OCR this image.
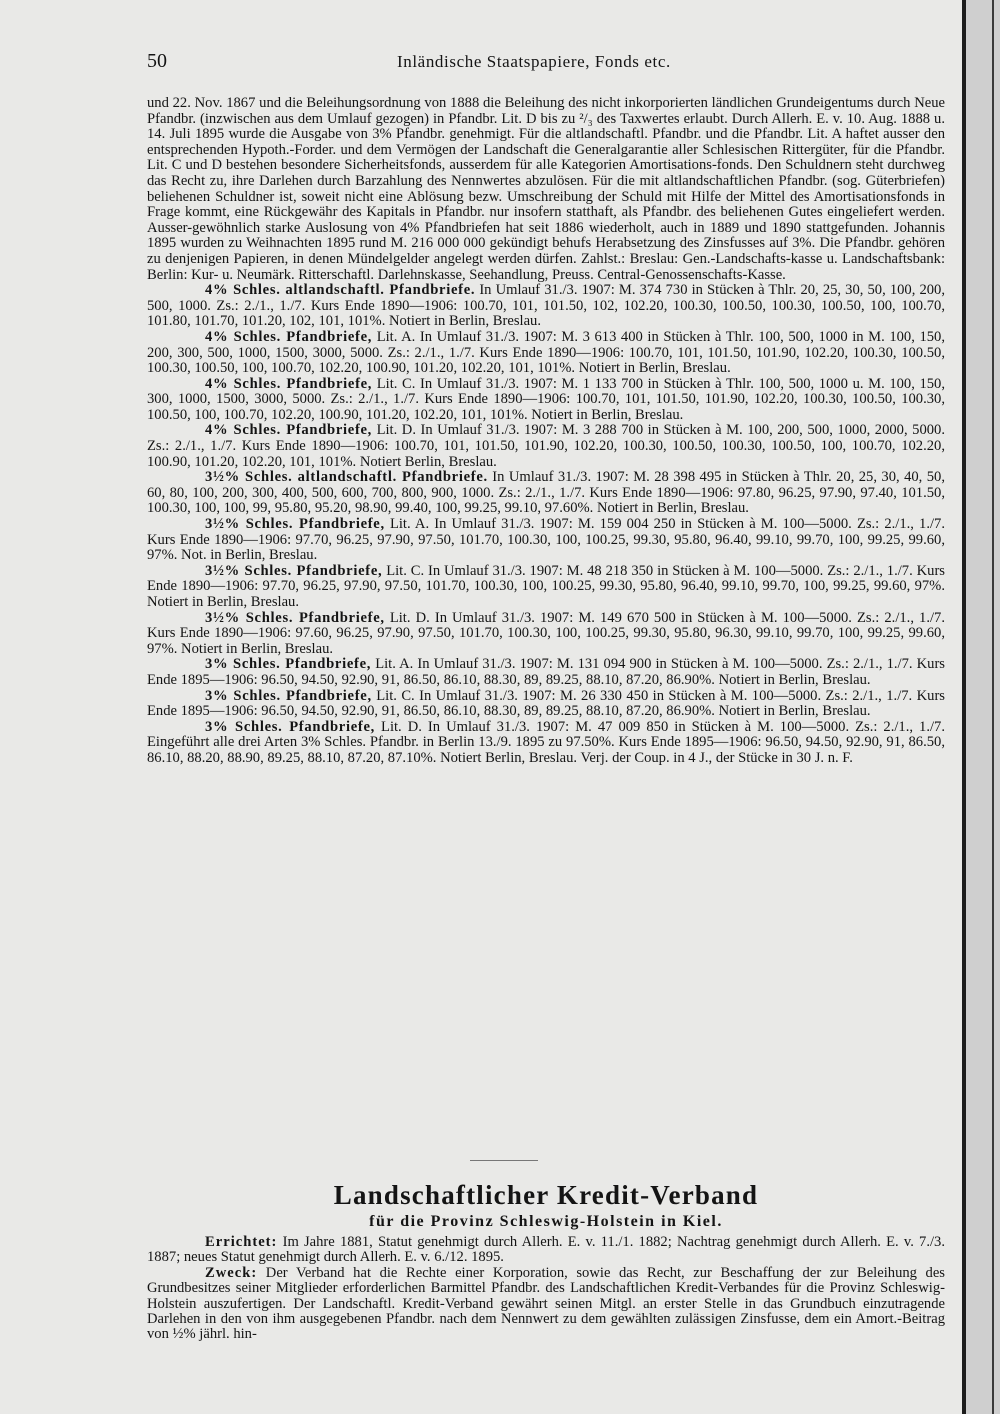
50	Inländische Staatspapiere, Fonds etc.

und 22. Nov. 1867 und die Beleihungsordnung von 1888 die Beleihung des nicht inkorporierten ländlichen Grundeigentums durch Neue Pfandbr. (inzwischen aus dem Umlauf gezogen) in Pfandbr. Lit. D bis zu ²/₃ des Taxwertes erlaubt. Durch Allerh. E. v. 10. Aug. 1888 u. 14. Juli 1895 wurde die Ausgabe von 3% Pfandbr. genehmigt. Für die altlandschaftl. Pfandbr. und die Pfandbr. Lit. A haftet ausser den entsprechenden Hypoth.-Forder. und dem Vermögen der Landschaft die Generalgarantie aller Schlesischen Rittergüter, für die Pfandbr. Lit. C und D bestehen besondere Sicherheitsfonds, ausserdem für alle Kategorien Amortisations-fonds. Den Schuldnern steht durchweg das Recht zu, ihre Darlehen durch Barzahlung des Nennwertes abzulösen. Für die mit altlandschaftlichen Pfandbr. (sog. Güterbriefen) beliehenen Schuldner ist, soweit nicht eine Ablösung bezw. Umschreibung der Schuld mit Hilfe der Mittel des Amortisationsfonds in Frage kommt, eine Rückgewähr des Kapitals in Pfandbr. nur insofern statthaft, als Pfandbr. des beliehenen Gutes eingeliefert werden. Ausser-gewöhnlich starke Auslosung von 4% Pfandbriefen hat seit 1886 wiederholt, auch in 1889 und 1890 stattgefunden. Johannis 1895 wurden zu Weihnachten 1895 rund M. 216 000 000 gekündigt behufs Herabsetzung des Zinsfusses auf 3%. Die Pfandbr. gehören zu denjenigen Papieren, in denen Mündelgelder angelegt werden dürfen. Zahlst.: Breslau: Gen.-Landschafts-kasse u. Landschaftsbank: Berlin: Kur- u. Neumärk. Ritterschaftl. Darlehnskasse, Seehandlung, Preuss. Central-Genossenschafts-Kasse.

4% Schles. altlandschaftl. Pfandbriefe. In Umlauf 31./3. 1907: M. 374 730 in Stücken à Thlr. 20, 25, 30, 50, 100, 200, 500, 1000. Zs.: 2./1., 1./7. Kurs Ende 1890—1906: 100.70, 101, 101.50, 102, 102.20, 100.30, 100.50, 100.30, 100.50, 100, 100.70, 101.80, 101.70, 101.20, 102, 101, 101%. Notiert in Berlin, Breslau.

4% Schles. Pfandbriefe, Lit. A. In Umlauf 31./3. 1907: M. 3 613 400 in Stücken à Thlr. 100, 500, 1000 in M. 100, 150, 200, 300, 500, 1000, 1500, 3000, 5000. Zs.: 2./1., 1./7. Kurs Ende 1890—1906: 100.70, 101, 101.50, 101.90, 102.20, 100.30, 100.50, 100.30, 100.50, 100, 100.70, 102.20, 100.90, 101.20, 102.20, 101, 101%. Notiert in Berlin, Breslau.

4% Schles. Pfandbriefe, Lit. C. In Umlauf 31./3. 1907: M. 1 133 700 in Stücken à Thlr. 100, 500, 1000 u. M. 100, 150, 300, 1000, 1500, 3000, 5000. Zs.: 2./1., 1./7. Kurs Ende 1890—1906: 100.70, 101, 101.50, 101.90, 102.20, 100.30, 100.50, 100.30, 100.50, 100, 100.70, 102.20, 100.90, 101.20, 102.20, 101, 101%. Notiert in Berlin, Breslau.

4% Schles. Pfandbriefe, Lit. D. In Umlauf 31./3. 1907: M. 3 288 700 in Stücken à M. 100, 200, 500, 1000, 2000, 5000. Zs.: 2./1., 1./7. Kurs Ende 1890—1906: 100.70, 101, 101.50, 101.90, 102.20, 100.30, 100.50, 100.30, 100.50, 100, 100.70, 102.20, 100.90, 101.20, 102.20, 101, 101%. Notiert Berlin, Breslau.

3½% Schles. altlandschaftl. Pfandbriefe. In Umlauf 31./3. 1907: M. 28 398 495 in Stücken à Thlr. 20, 25, 30, 40, 50, 60, 80, 100, 200, 300, 400, 500, 600, 700, 800, 900, 1000. Zs.: 2./1., 1./7. Kurs Ende 1890—1906: 97.80, 96.25, 97.90, 97.40, 101.50, 100.30, 100, 100, 99, 95.80, 95.20, 98.90, 99.40, 100, 99.25, 99.10, 97.60%. Notiert in Berlin, Breslau.

3½% Schles. Pfandbriefe, Lit. A. In Umlauf 31./3. 1907: M. 159 004 250 in Stücken à M. 100—5000. Zs.: 2./1., 1./7. Kurs Ende 1890—1906: 97.70, 96.25, 97.90, 97.50, 101.70, 100.30, 100, 100.25, 99.30, 95.80, 96.40, 99.10, 99.70, 100, 99.25, 99.60, 97%. Not. in Berlin, Breslau.

3½% Schles. Pfandbriefe, Lit. C. In Umlauf 31./3. 1907: M. 48 218 350 in Stücken à M. 100—5000. Zs.: 2./1., 1./7. Kurs Ende 1890—1906: 97.70, 96.25, 97.90, 97.50, 101.70, 100.30, 100, 100.25, 99.30, 95.80, 96.40, 99.10, 99.70, 100, 99.25, 99.60, 97%. Notiert in Berlin, Breslau.

3½% Schles. Pfandbriefe, Lit. D. In Umlauf 31./3. 1907: M. 149 670 500 in Stücken à M. 100—5000. Zs.: 2./1., 1./7. Kurs Ende 1890—1906: 97.60, 96.25, 97.90, 97.50, 101.70, 100.30, 100, 100.25, 99.30, 95.80, 96.30, 99.10, 99.70, 100, 99.25, 99.60, 97%. Notiert in Berlin, Breslau.

3% Schles. Pfandbriefe, Lit. A. In Umlauf 31./3. 1907: M. 131 094 900 in Stücken à M. 100—5000. Zs.: 2./1., 1./7. Kurs Ende 1895—1906: 96.50, 94.50, 92.90, 91, 86.50, 86.10, 88.30, 89, 89.25, 88.10, 87.20, 86.90%. Notiert in Berlin, Breslau.

3% Schles. Pfandbriefe, Lit. C. In Umlauf 31./3. 1907: M. 26 330 450 in Stücken à M. 100—5000. Zs.: 2./1., 1./7. Kurs Ende 1895—1906: 96.50, 94.50, 92.90, 91, 86.50, 86.10, 88.30, 89, 89.25, 88.10, 87.20, 86.90%. Notiert in Berlin, Breslau.

3% Schles. Pfandbriefe, Lit. D. In Umlauf 31./3. 1907: M. 47 009 850 in Stücken à M. 100—5000. Zs.: 2./1., 1./7. Eingeführt alle drei Arten 3% Schles. Pfandbr. in Berlin 13./9. 1895 zu 97.50%. Kurs Ende 1895—1906: 96.50, 94.50, 92.90, 91, 86.50, 86.10, 88.20, 88.90, 89.25, 88.10, 87.20, 87.10%. Notiert Berlin, Breslau. Verj. der Coup. in 4 J., der Stücke in 30 J. n. F.

Landschaftlicher Kredit-Verband
für die Provinz Schleswig-Holstein in Kiel.

Errichtet: Im Jahre 1881, Statut genehmigt durch Allerh. E. v. 11./1. 1882; Nachtrag genehmigt durch Allerh. E. v. 7./3. 1887; neues Statut genehmigt durch Allerh. E. v. 6./12. 1895.

Zweck: Der Verband hat die Rechte einer Korporation, sowie das Recht, zur Beschaffung der zur Beleihung des Grundbesitzes seiner Mitglieder erforderlichen Barmittel Pfandbr. des Landschaftlichen Kredit-Verbandes für die Provinz Schleswig-Holstein auszufertigen. Der Landschaftl. Kredit-Verband gewährt seinen Mitgl. an erster Stelle in das Grundbuch einzutragende Darlehen in den von ihm ausgegebenen Pfandbr. nach dem Nennwert zu dem gewählten zulässigen Zinsfusse, dem ein Amort.-Beitrag von ½% jährl. hin-
